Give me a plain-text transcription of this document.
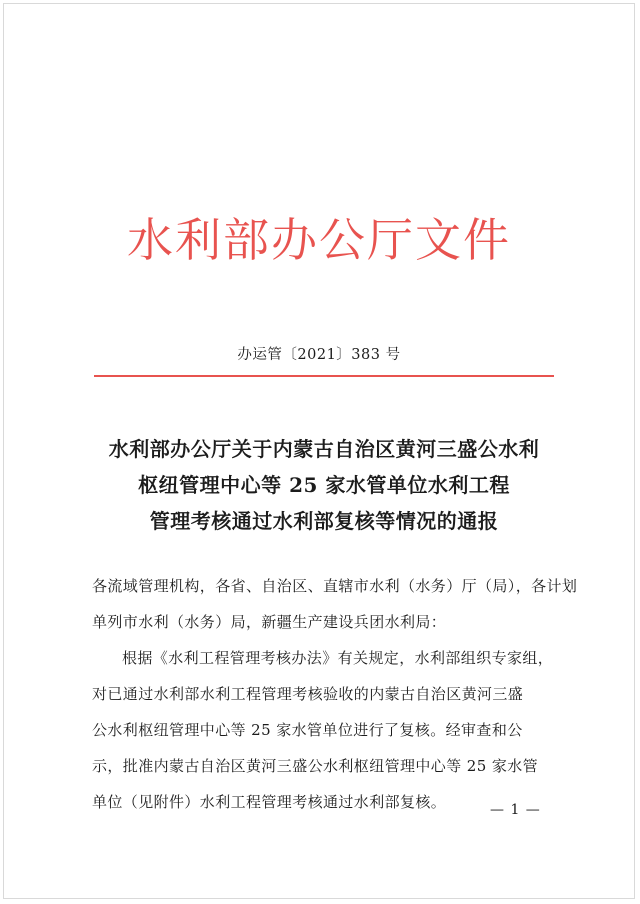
水利部办公厅文件
办运管〔2021〕383 号
水利部办公厅关于内蒙古自治区黄河三盛公水利
枢纽管理中心等 25 家水管单位水利工程
管理考核通过水利部复核等情况的通报
各流域管理机构，各省、自治区、直辖市水利（水务）厅（局），各计划
单列市水利（水务）局，新疆生产建设兵团水利局：
根据《水利工程管理考核办法》有关规定，水利部组织专家组，
对已通过水利部水利工程管理考核验收的内蒙古自治区黄河三盛
公水利枢纽管理中心等 25 家水管单位进行了复核。经审查和公
示，批准内蒙古自治区黄河三盛公水利枢纽管理中心等 25 家水管
单位（见附件）水利工程管理考核通过水利部复核。	— 1 —
